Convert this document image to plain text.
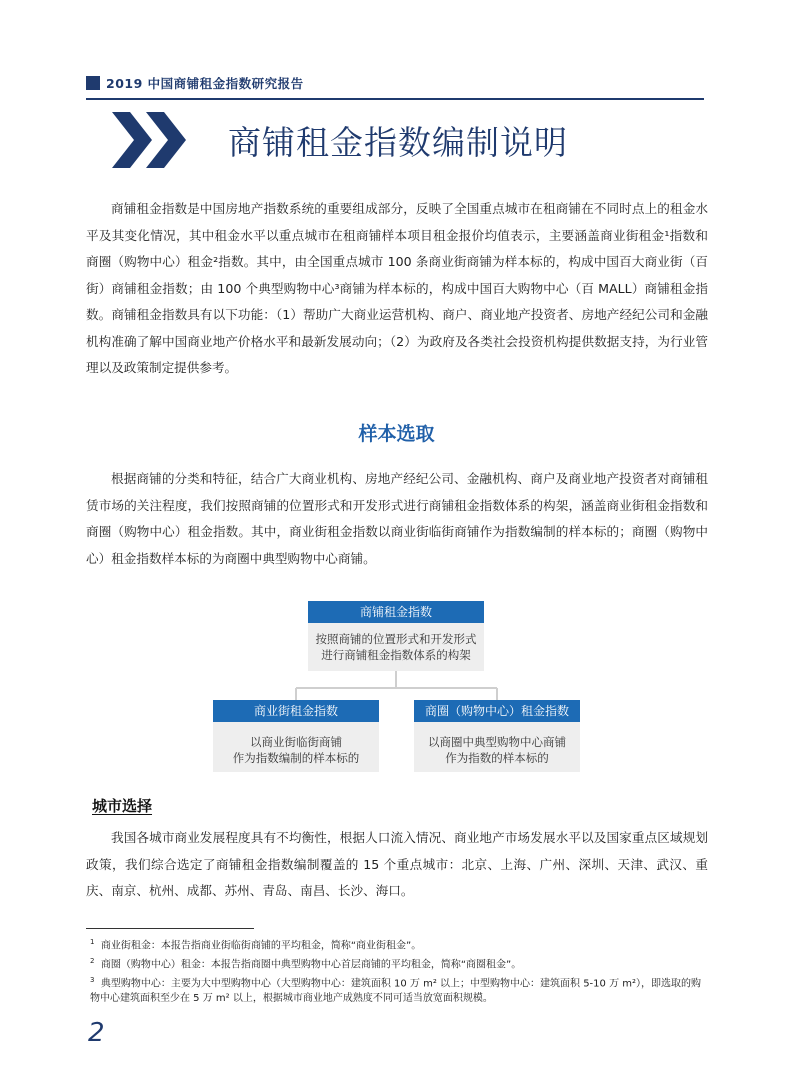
2019 中国商铺租金指数研究报告
商铺租金指数编制说明
商铺租金指数是中国房地产指数系统的重要组成部分，反映了全国重点城市在租商铺在不同时点上的租金水平及其变化情况，其中租金水平以重点城市在租商铺样本项目租金报价均值表示，主要涵盖商业街租金¹指数和商圈（购物中心）租金²指数。其中，由全国重点城市 100 条商业街商铺为样本标的，构成中国百大商业街（百街）商铺租金指数；由 100 个典型购物中心³商铺为样本标的，构成中国百大购物中心（百 MALL）商铺租金指数。商铺租金指数具有以下功能：（1）帮助广大商业运营机构、商户、商业地产投资者、房地产经纪公司和金融机构准确了解中国商业地产价格水平和最新发展动向；（2）为政府及各类社会投资机构提供数据支持，为行业管理以及政策制定提供参考。
样本选取
根据商铺的分类和特征，结合广大商业机构、房地产经纪公司、金融机构、商户及商业地产投资者对商铺租赁市场的关注程度，我们按照商铺的位置形式和开发形式进行商铺租金指数体系的构架，涵盖商业街租金指数和商圈（购物中心）租金指数。其中，商业街租金指数以商业街临街商铺作为指数编制的样本标的；商圈（购物中心）租金指数样本标的为商圈中典型购物中心商铺。
商铺租金指数
按照商铺的位置形式和开发形式
进行商铺租金指数体系的构架
商业街租金指数
以商业街临街商铺
作为指数编制的样本标的
商圈（购物中心）租金指数
以商圈中典型购物中心商铺
作为指数的样本标的
城市选择
我国各城市商业发展程度具有不均衡性，根据人口流入情况、商业地产市场发展水平以及国家重点区域规划政策，我们综合选定了商铺租金指数编制覆盖的 15 个重点城市：北京、上海、广州、深圳、天津、武汉、重庆、南京、杭州、成都、苏州、青岛、南昌、长沙、海口。
$^1$ 商业街租金：本报告指商业街临街商铺的平均租金，简称“商业街租金”。
$^2$ 商圈（购物中心）租金：本报告指商圈中典型购物中心首层商铺的平均租金，简称“商圈租金”。
$^3$ 典型购物中心：主要为大中型购物中心（大型购物中心：建筑面积 10 万 m² 以上；中型购物中心：建筑面积 5-10 万 m²），即选取的购物中心建筑面积至少在 5 万 m² 以上，根据城市商业地产成熟度不同可适当放宽面积规模。
2
